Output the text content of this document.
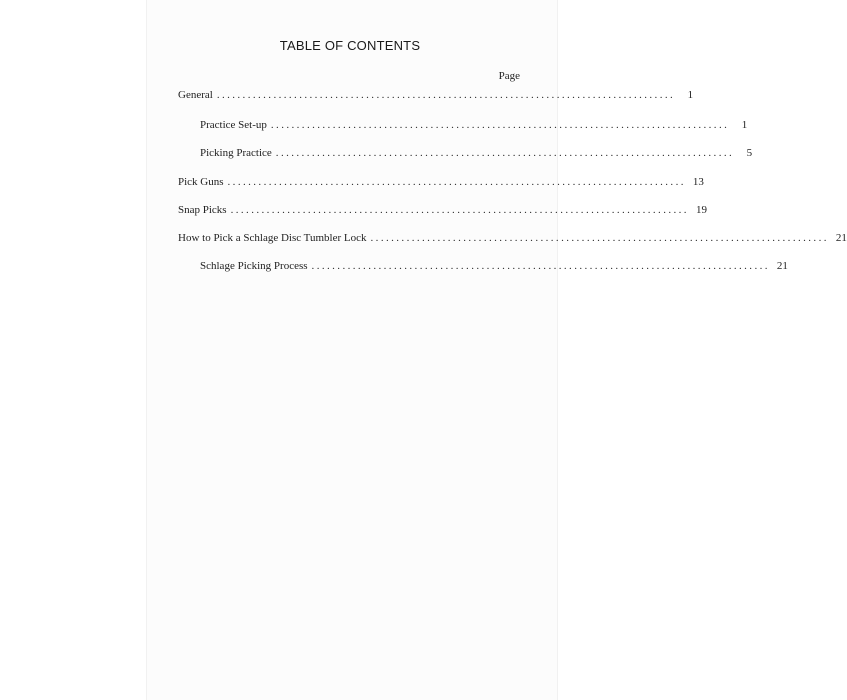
TABLE OF CONTENTS
Page
General .........................................................................................	1
Practice Set-up .........................................................................................	1
Picking Practice .........................................................................................	5
Pick Guns ......................................................................................... 13
Snap Picks ......................................................................................... 19
How to Pick a Schlage Disc Tumbler Lock ......................................................................................... 21
Schlage Picking Process ......................................................................................... 21
